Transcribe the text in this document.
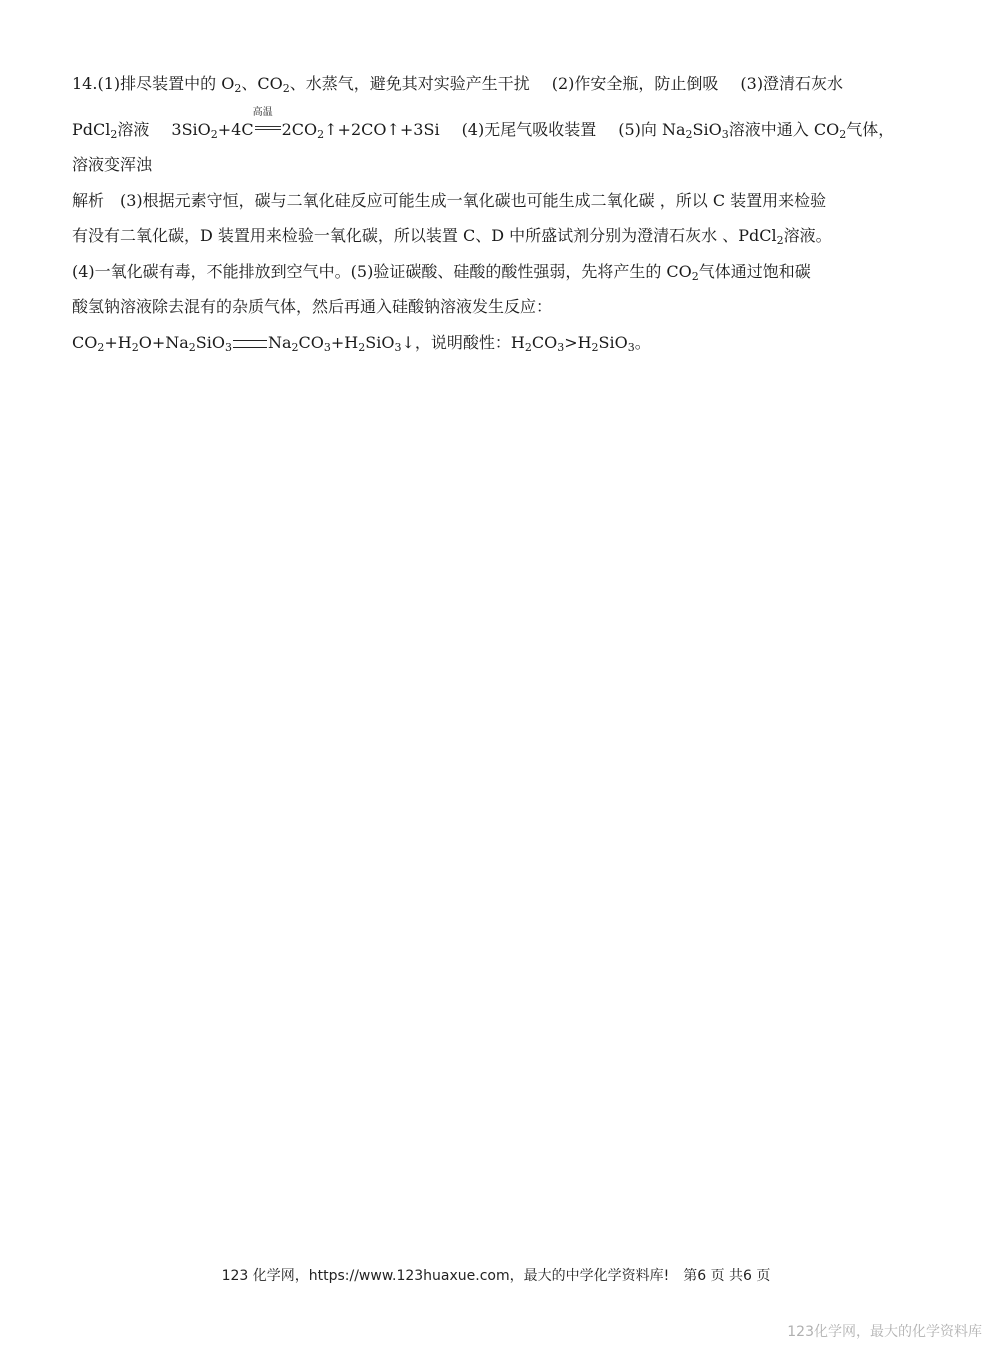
14.(1)排尽装置中的 $O_2$、$CO_2$、水蒸气，避免其对实验产生干扰 (2)作安全瓶，防止倒吸 (3)澄清石灰水
PdCl$_2$溶液 3SiO$_2$+4C
高温
$2CO_2↑+2CO↑+3Si$ (4)无尾气吸收装置 (5)向 $Na_2SiO_3$溶液中通入 $CO_2$气体，
溶液变浑浊
解析　(3)根据元素守恒，碳与二氧化硅反应可能生成一氧化碳也可能生成二氧化碳 ，所以 C 装置用来检验
有没有二氧化碳，D 装置用来检验一氧化碳，所以装置 C、D 中所盛试剂分别为澄清石灰水 、PdCl$_2$溶液。
(4)一氧化碳有毒，不能排放到空气中。(5)验证碳酸、硅酸的酸性强弱，先将产生的 $CO_2$气体通过饱和碳
酸氢钠溶液除去混有的杂质气体，然后再通入硅酸钠溶液发生反应：
$CO_2+H_2O+Na_2SiO_3$ $Na_2CO_3+H_2SiO_3↓$，说明酸性：$H_2CO_3>H_2SiO_3$。
123 化学网，https://www.123huaxue.com，最大的中学化学资料库!　第6 页 共6 页
123化学网，最大的化学资料库
